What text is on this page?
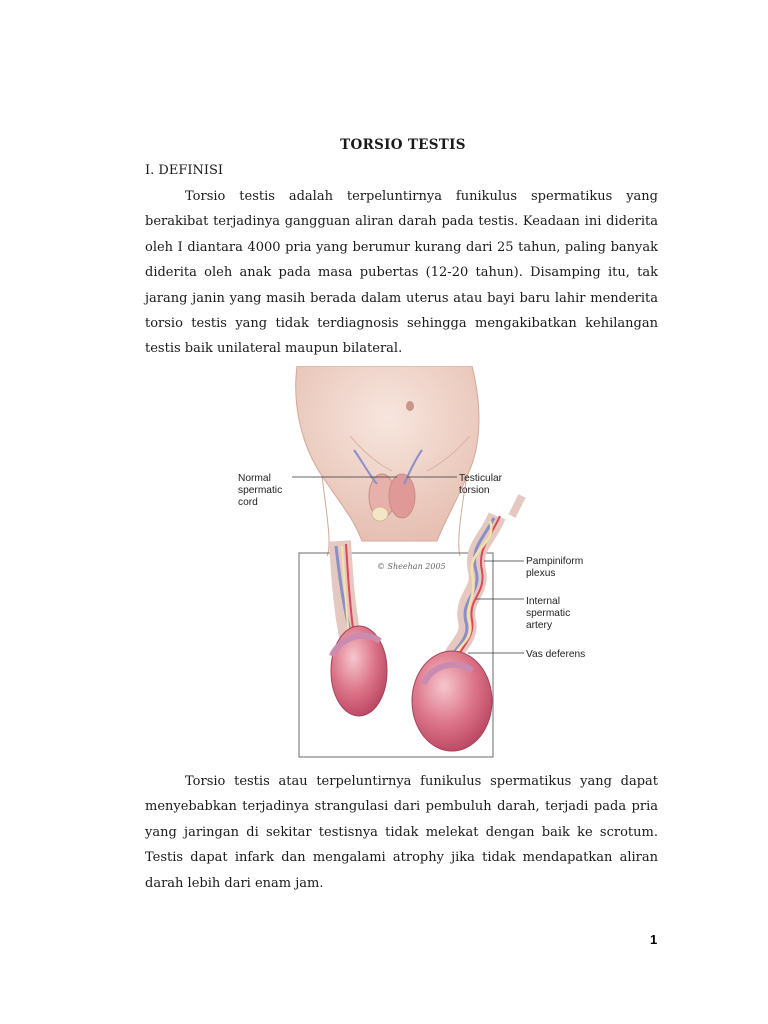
TORSIO TESTIS
I. DEFINISI
Torsio testis adalah terpeluntirnya funikulus spermatikus yang berakibat terjadinya gangguan aliran darah pada testis. Keadaan ini diderita oleh I diantara 4000 pria yang berumur kurang dari 25 tahun, paling banyak diderita oleh anak pada masa pubertas (12-20 tahun). Disamping itu, tak jarang janin yang masih berada dalam uterus atau bayi baru lahir menderita torsio testis yang tidak terdiagnosis sehingga mengakibatkan kehilangan testis baik unilateral maupun bilateral.
Normal
spermatic
cord
Testicular
torsion
Pampiniform
plexus
Internal
spermatic
artery
Vas deferens
© Sheehan 2005
Torsio testis atau terpeluntirnya funikulus spermatikus yang dapat menyebabkan terjadinya strangulasi dari pembuluh darah, terjadi pada pria yang jaringan di sekitar testisnya tidak melekat dengan baik ke scrotum. Testis dapat infark dan mengalami atrophy jika tidak mendapatkan aliran darah lebih dari enam jam.
1
